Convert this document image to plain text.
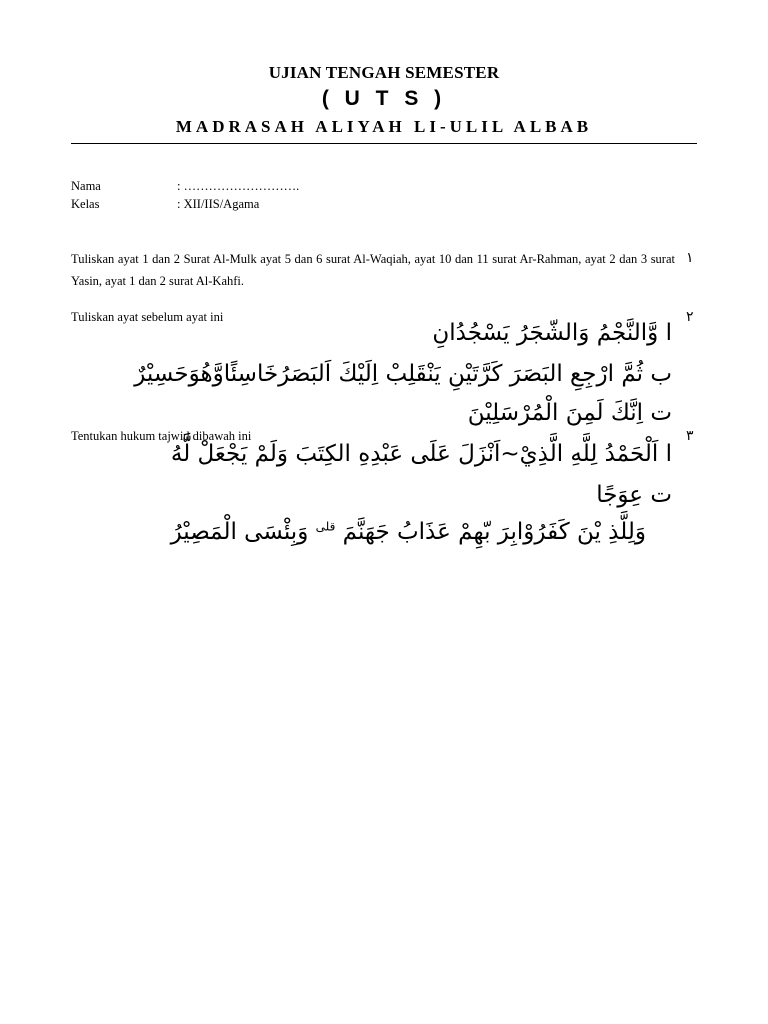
UJIAN TENGAH SEMESTER
( U T S )
MADRASAH ALIYAH LI-ULIL ALBAB
Nama	: ……………………….
Kelas	: XII/IIS/Agama
١
Tuliskan ayat 1 dan 2 Surat Al-Mulk ayat 5 dan 6 surat Al-Waqiah, ayat 10 dan 11 surat Ar-Rahman, ayat 2 dan 3 surat Yasin, ayat 1 dan 2 surat Al-Kahfi.
٢
Tuliskan ayat sebelum ayat ini
ا وَّالنَّجْمُ وَالشّجَرُ يَسْجُدُانِ
ب ثُمَّ ارْجِعِ البَصَرَ كَرَّتَيْنِ يَنْقَلِبْ اِلَيْكَ اَلبَصَرُخَاسِئًاوَّهُوَحَسِيْرٌ
ت اِنَّكَ لَمِنَ الْمُرْسَلِيْنَ
٣
Tentukan hukum tajwid dibawah ini
ا اَلْحَمْدُ لِلَّهِ الَّذِيْ~اَنْزَلَ عَلَى عَبْدِهِ الكِتَبَ وَلَمْ يَجْعَلْ لَّهُ
ت عِوَجًا
وَلِلَّذِ يْنَ كَفَرُوْابِرَ بّهِمْ عَذَابُ جَهَنَّمَ $^{قلى}$ وَبِئْسَى الْمَصِيْرُ
